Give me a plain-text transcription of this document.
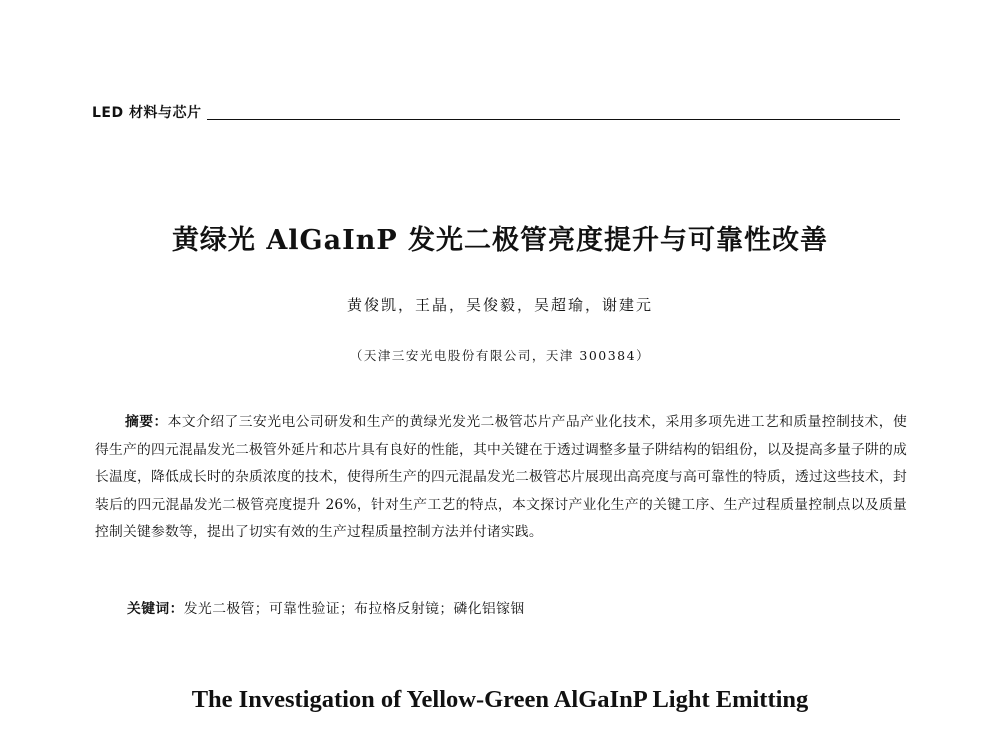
LED 材料与芯片
黄绿光 AlGaInP 发光二极管亮度提升与可靠性改善
黄俊凯，王晶，吴俊毅，吴超瑜，谢建元
（天津三安光电股份有限公司，天津 300384）
摘要：本文介绍了三安光电公司研发和生产的黄绿光发光二极管芯片产品产业化技术，采用多项先进工艺和质量控制技术，使得生产的四元混晶发光二极管外延片和芯片具有良好的性能，其中关键在于透过调整多量子阱结构的铝组份，以及提高多量子阱的成长温度，降低成长时的杂质浓度的技术，使得所生产的四元混晶发光二极管芯片展现出高亮度与高可靠性的特质，透过这些技术，封装后的四元混晶发光二极管亮度提升 26%，针对生产工艺的特点，本文探讨产业化生产的关键工序、生产过程质量控制点以及质量控制关键参数等，提出了切实有效的生产过程质量控制方法并付诸实践。
关键词：发光二极管；可靠性验证；布拉格反射镜；磷化铝镓铟
The Investigation of Yellow-Green AlGaInP Light Emitting
